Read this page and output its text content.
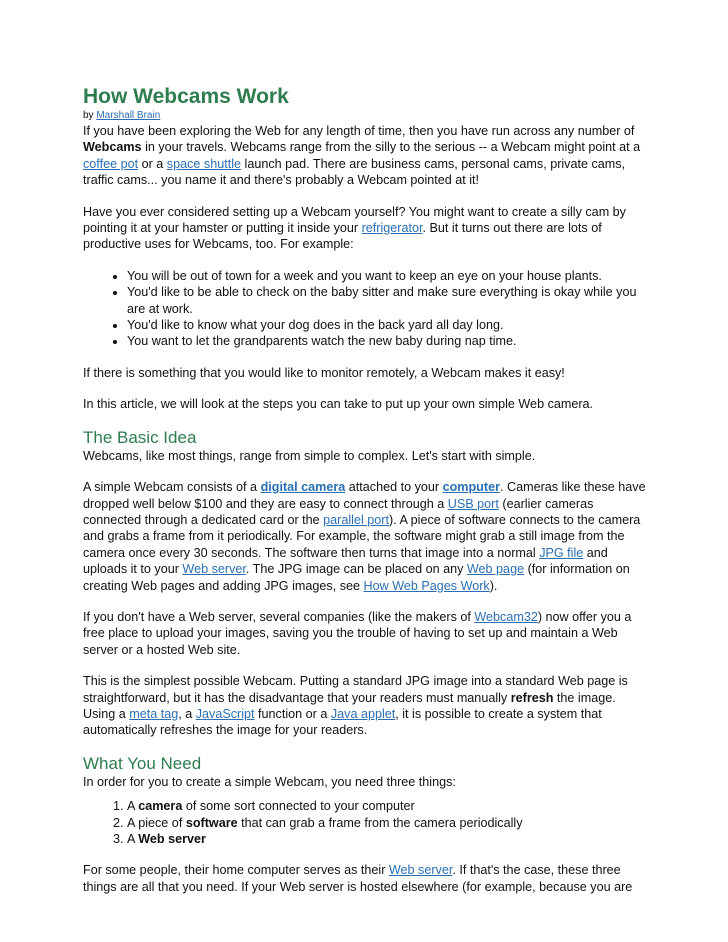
How Webcams Work
by Marshall Brain

If you have been exploring the Web for any length of time, then you have run across any number of Webcams in your travels. Webcams range from the silly to the serious -- a Webcam might point at a coffee pot or a space shuttle launch pad. There are business cams, personal cams, private cams, traffic cams... you name it and there's probably a Webcam pointed at it!

Have you ever considered setting up a Webcam yourself? You might want to create a silly cam by pointing it at your hamster or putting it inside your refrigerator. But it turns out there are lots of productive uses for Webcams, too. For example:

• You will be out of town for a week and you want to keep an eye on your house plants.
• You'd like to be able to check on the baby sitter and make sure everything is okay while you are at work.
• You'd like to know what your dog does in the back yard all day long.
• You want to let the grandparents watch the new baby during nap time.

If there is something that you would like to monitor remotely, a Webcam makes it easy!

In this article, we will look at the steps you can take to put up your own simple Web camera.

The Basic Idea

Webcams, like most things, range from simple to complex. Let's start with simple.

A simple Webcam consists of a digital camera attached to your computer. Cameras like these have dropped well below $100 and they are easy to connect through a USB port (earlier cameras connected through a dedicated card or the parallel port). A piece of software connects to the camera and grabs a frame from it periodically. For example, the software might grab a still image from the camera once every 30 seconds. The software then turns that image into a normal JPG file and uploads it to your Web server. The JPG image can be placed on any Web page (for information on creating Web pages and adding JPG images, see How Web Pages Work).

If you don't have a Web server, several companies (like the makers of Webcam32) now offer you a free place to upload your images, saving you the trouble of having to set up and maintain a Web server or a hosted Web site.

This is the simplest possible Webcam. Putting a standard JPG image into a standard Web page is straightforward, but it has the disadvantage that your readers must manually refresh the image. Using a meta tag, a JavaScript function or a Java applet, it is possible to create a system that automatically refreshes the image for your readers.

What You Need

In order for you to create a simple Webcam, you need three things:

1. A camera of some sort connected to your computer
2. A piece of software that can grab a frame from the camera periodically
3. A Web server

For some people, their home computer serves as their Web server. If that's the case, these three things are all that you need. If your Web server is hosted elsewhere (for example, because you are
